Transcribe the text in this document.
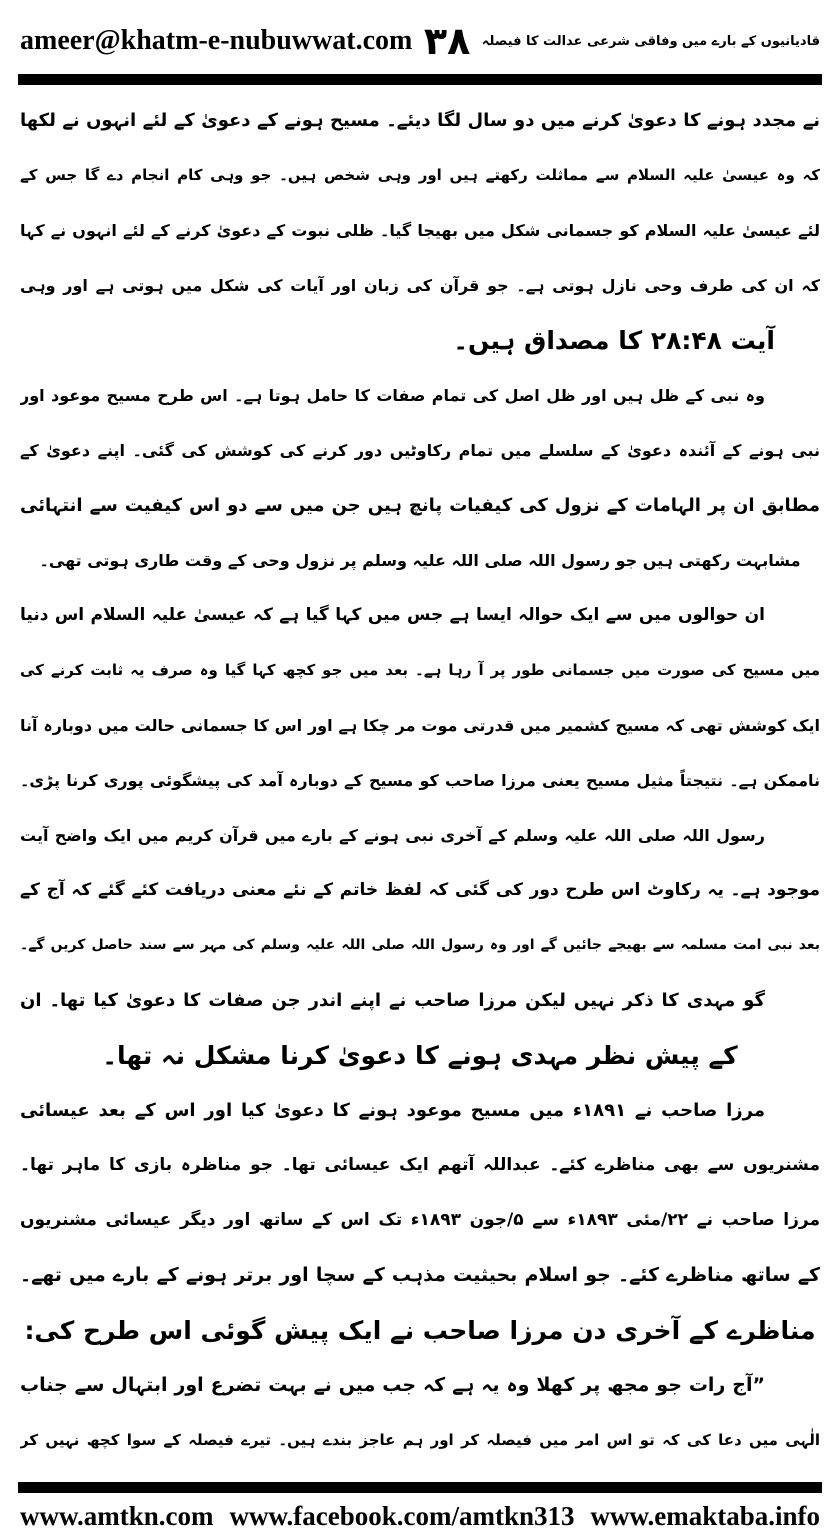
ameer@khatm-e-nubuwwat.com ۳۸ قادیانیوں کے بارے میں وفاقی شرعی عدالت کا فیصلہ
نے مجدد ہونے کا دعویٰ کرنے میں دو سال لگا دیئے۔ مسیح ہونے کے دعویٰ کے لئے انہوں نے لکھا
کہ وہ عیسیٰ علیہ السلام سے مماثلت رکھتے ہیں اور وہی شخص ہیں۔ جو وہی کام انجام دے گا جس کے
لئے عیسیٰ علیہ السلام کو جسمانی شکل میں بھیجا گیا۔ ظلی نبوت کے دعویٰ کرنے کے لئے انہوں نے کہا
کہ ان کی طرف وحی نازل ہوتی ہے۔ جو قرآن کی زبان اور آیات کی شکل میں ہوتی ہے اور وہی
آیت ۲۸:۴۸ کا مصداق ہیں۔
وہ نبی کے ظل ہیں اور ظل اصل کی تمام صفات کا حامل ہوتا ہے۔ اس طرح مسیح موعود اور
نبی ہونے کے آئندہ دعویٰ کے سلسلے میں تمام رکاوٹیں دور کرنے کی کوشش کی گئی۔ اپنے دعویٰ کے
مطابق ان پر الہامات کے نزول کی کیفیات پانچ ہیں جن میں سے دو اس کیفیت سے انتہائی
مشابہت رکھتی ہیں جو رسول اللہ صلی اللہ علیہ وسلم پر نزول وحی کے وقت طاری ہوتی تھی۔
ان حوالوں میں سے ایک حوالہ ایسا ہے جس میں کہا گیا ہے کہ عیسیٰ علیہ السلام اس دنیا
میں مسیح کی صورت میں جسمانی طور پر آ رہا ہے۔ بعد میں جو کچھ کہا گیا وہ صرف یہ ثابت کرنے کی
ایک کوشش تھی کہ مسیح کشمیر میں قدرتی موت مر چکا ہے اور اس کا جسمانی حالت میں دوبارہ آنا
ناممکن ہے۔ نتیجتاً مثیل مسیح یعنی مرزا صاحب کو مسیح کے دوبارہ آمد کی پیشگوئی پوری کرنا پڑی۔
رسول اللہ صلی اللہ علیہ وسلم کے آخری نبی ہونے کے بارے میں قرآن کریم میں ایک واضح آیت
موجود ہے۔ یہ رکاوٹ اس طرح دور کی گئی کہ لفظ خاتم کے نئے معنی دریافت کئے گئے کہ آج کے
بعد نبی امت مسلمہ سے بھیجے جائیں گے اور وہ رسول اللہ صلی اللہ علیہ وسلم کی مہر سے سند حاصل کریں گے۔
گو مہدی کا ذکر نہیں لیکن مرزا صاحب نے اپنے اندر جن صفات کا دعویٰ کیا تھا۔ ان
کے پیش نظر مہدی ہونے کا دعویٰ کرنا مشکل نہ تھا۔
مرزا صاحب نے ۱۸۹۱ء میں مسیح موعود ہونے کا دعویٰ کیا اور اس کے بعد عیسائی
مشنریوں سے بھی مناظرے کئے۔ عبداللہ آتھم ایک عیسائی تھا۔ جو مناظرہ بازی کا ماہر تھا۔
مرزا صاحب نے ۲۲/مئی ۱۸۹۳ء سے ۵/جون ۱۸۹۳ء تک اس کے ساتھ اور دیگر عیسائی مشنریوں
کے ساتھ مناظرے کئے۔ جو اسلام بحیثیت مذہب کے سچا اور برتر ہونے کے بارے میں تھے۔
مناظرے کے آخری دن مرزا صاحب نے ایک پیش گوئی اس طرح کی:
”آج رات جو مجھ پر کھلا وہ یہ ہے کہ جب میں نے بہت تضرع اور ابتہال سے جناب
الٰہی میں دعا کی کہ تو اس امر میں فیصلہ کر اور ہم عاجز بندے ہیں۔ تیرے فیصلہ کے سوا کچھ نہیں کر
www.amtkn.com www.facebook.com/amtkn313 www.emaktaba.info
